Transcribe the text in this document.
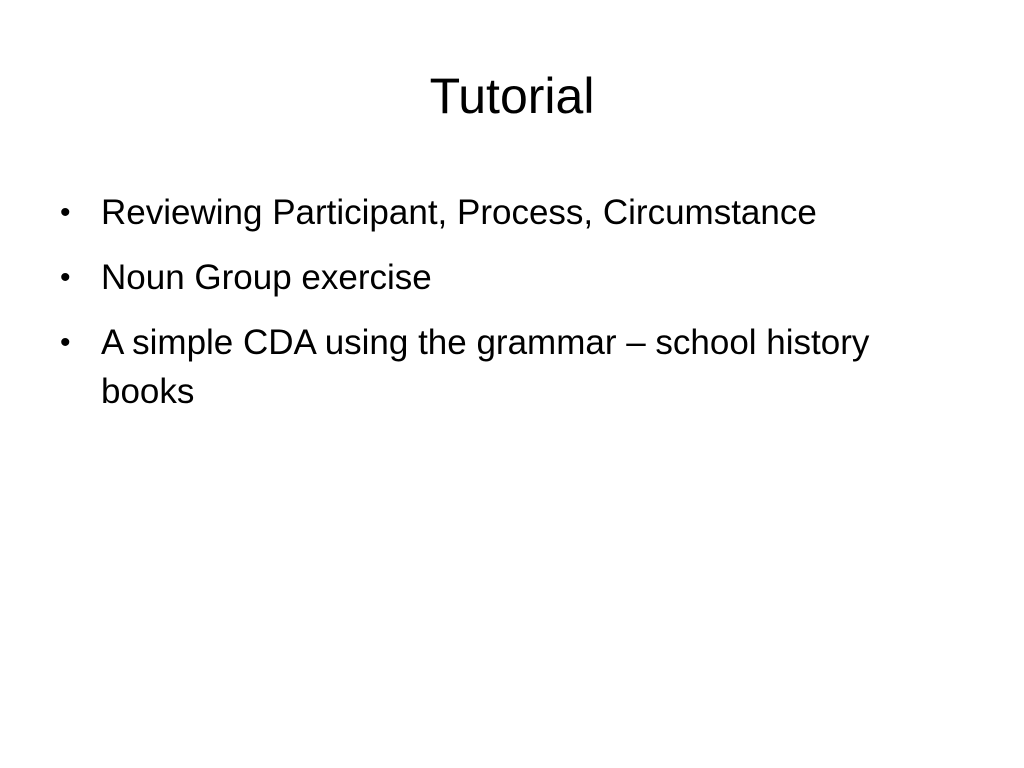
Tutorial
• Reviewing Participant, Process, Circumstance
• Noun Group exercise
• A simple CDA using the grammar – school history books
